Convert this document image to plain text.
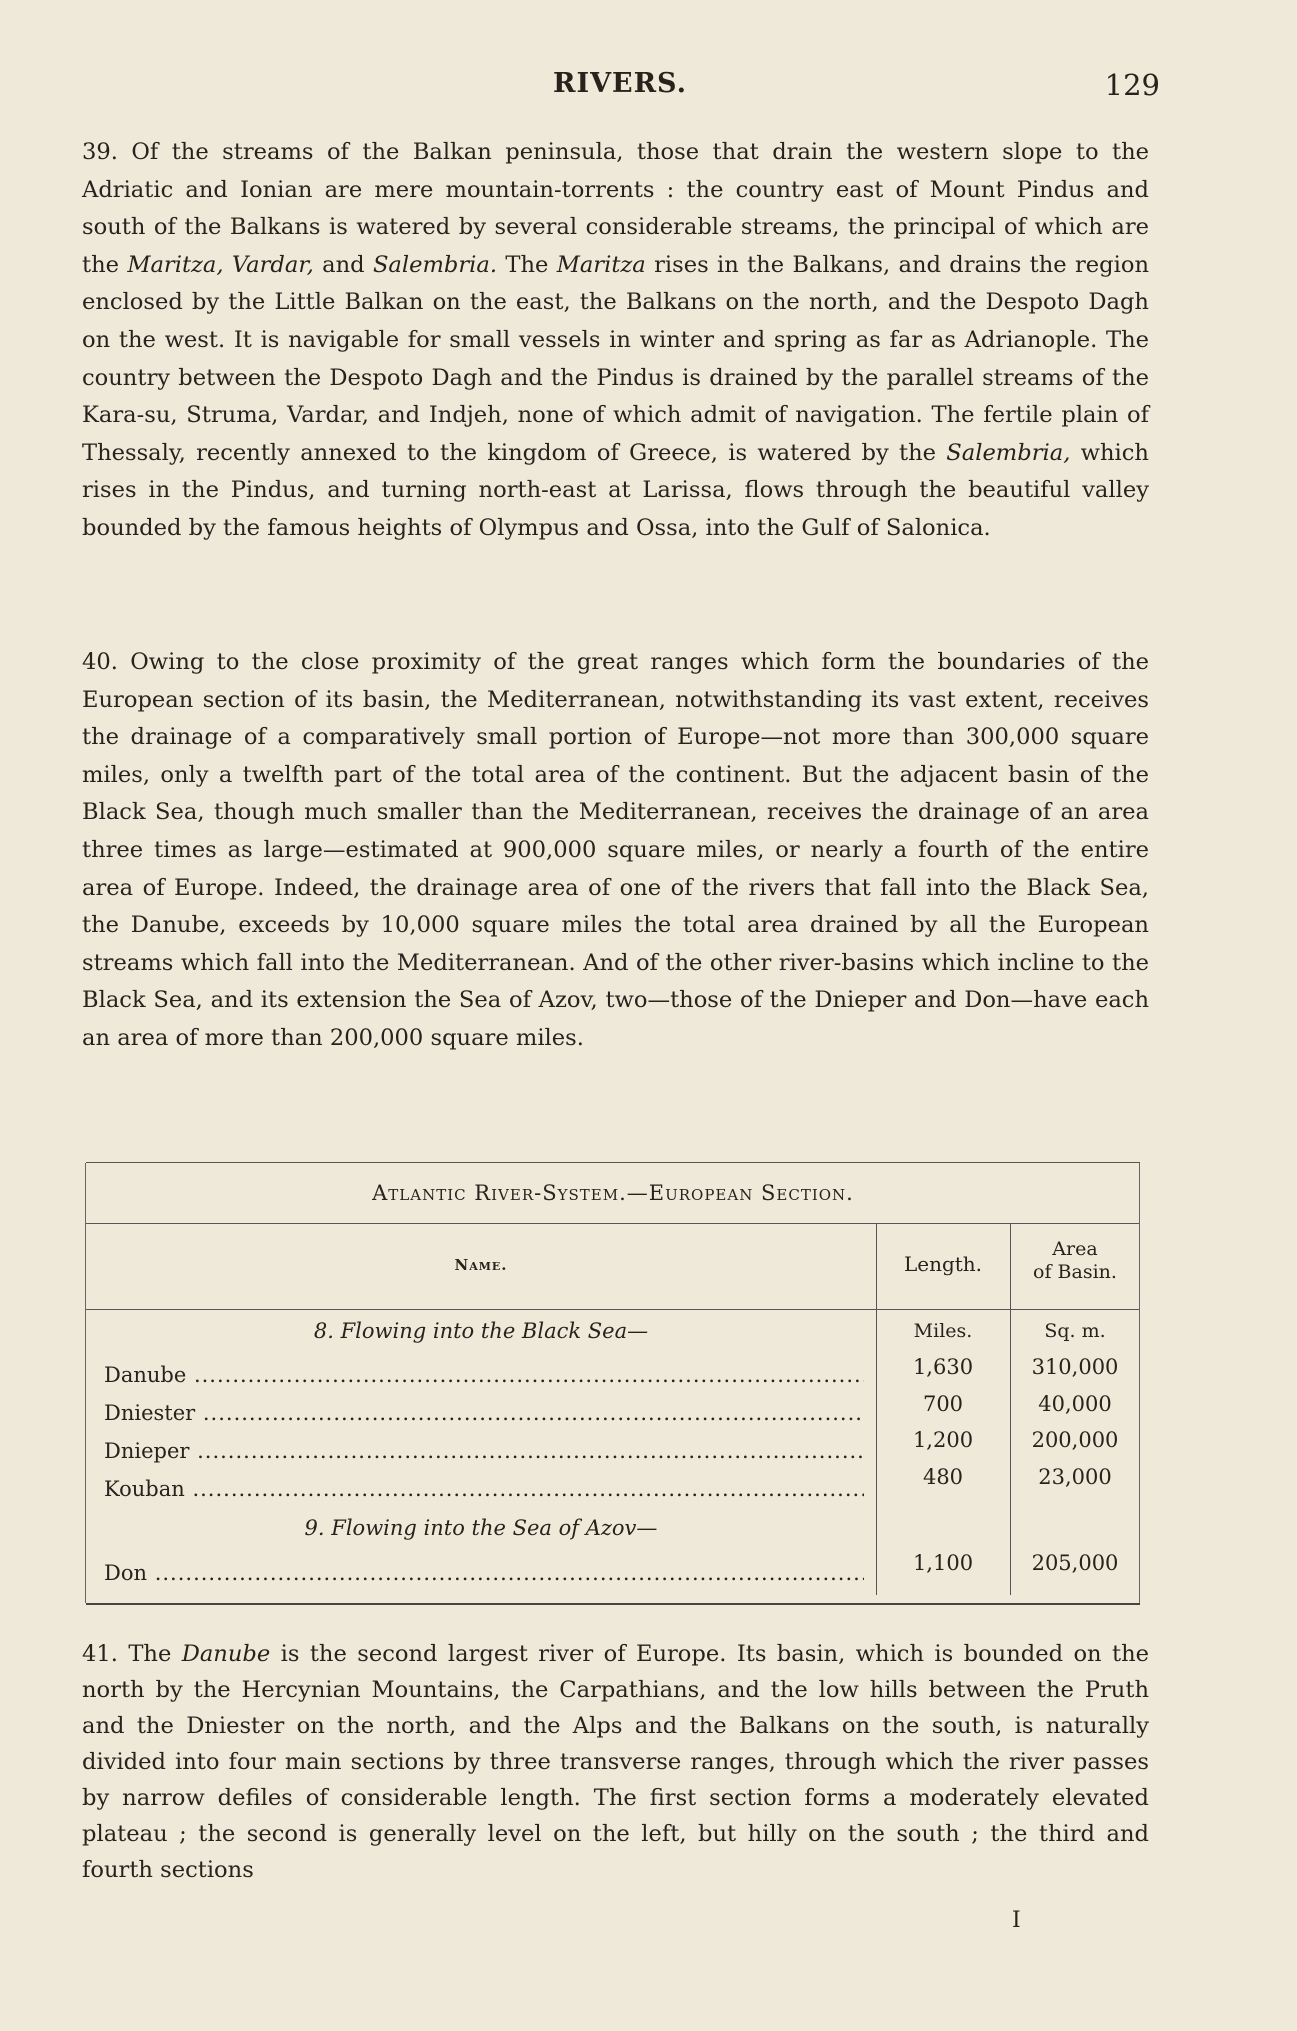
RIVERS.	129

39. Of the streams of the Balkan peninsula, those that drain the western slope to the Adriatic and Ionian are mere mountain-torrents : the country east of Mount Pindus and south of the Balkans is watered by several considerable streams, the principal of which are the Maritza, Vardar, and Salembria. The Maritza rises in the Balkans, and drains the region enclosed by the Little Balkan on the east, the Balkans on the north, and the Despoto Dagh on the west. It is navigable for small vessels in winter and spring as far as Adrianople. The country between the Despoto Dagh and the Pindus is drained by the parallel streams of the Kara-su, Struma, Vardar, and Indjeh, none of which admit of navigation. The fertile plain of Thessaly, recently annexed to the kingdom of Greece, is watered by the Salembria, which rises in the Pindus, and turning north-east at Larissa, flows through the beautiful valley bounded by the famous heights of Olympus and Ossa, into the Gulf of Salonica.

40. Owing to the close proximity of the great ranges which form the boundaries of the European section of its basin, the Mediterranean, notwithstanding its vast extent, receives the drainage of a comparatively small portion of Europe—not more than 300,000 square miles, only a twelfth part of the total area of the continent. But the adjacent basin of the Black Sea, though much smaller than the Mediterranean, receives the drainage of an area three times as large—estimated at 900,000 square miles, or nearly a fourth of the entire area of Europe. Indeed, the drainage area of one of the rivers that fall into the Black Sea, the Danube, exceeds by 10,000 square miles the total area drained by all the European streams which fall into the Mediterranean. And of the other river-basins which incline to the Black Sea, and its extension the Sea of Azov, two—those of the Dnieper and Don—have each an area of more than 200,000 square miles.

Atlantic River-System.—European Section.
Name.	Length.
Area
of Basin.
8. Flowing into the Black Sea—	Miles.	Sq. m.
Danube .....	1,630	310,000
Dniester .....	700	40,000
Dnieper .....	1,200	200,000
Kouban .....	480	23,000
9. Flowing into the Sea of Azov—
Don .....	1,100	205,000

41. The Danube is the second largest river of Europe. Its basin, which is bounded on the north by the Hercynian Mountains, the Carpathians, and the low hills between the Pruth and the Dniester on the north, and the Alps and the Balkans on the south, is naturally divided into four main sections by three transverse ranges, through which the river passes by narrow defiles of considerable length. The first section forms a moderately elevated plateau ; the second is generally level on the left, but hilly on the south ; the third and fourth sections

I
